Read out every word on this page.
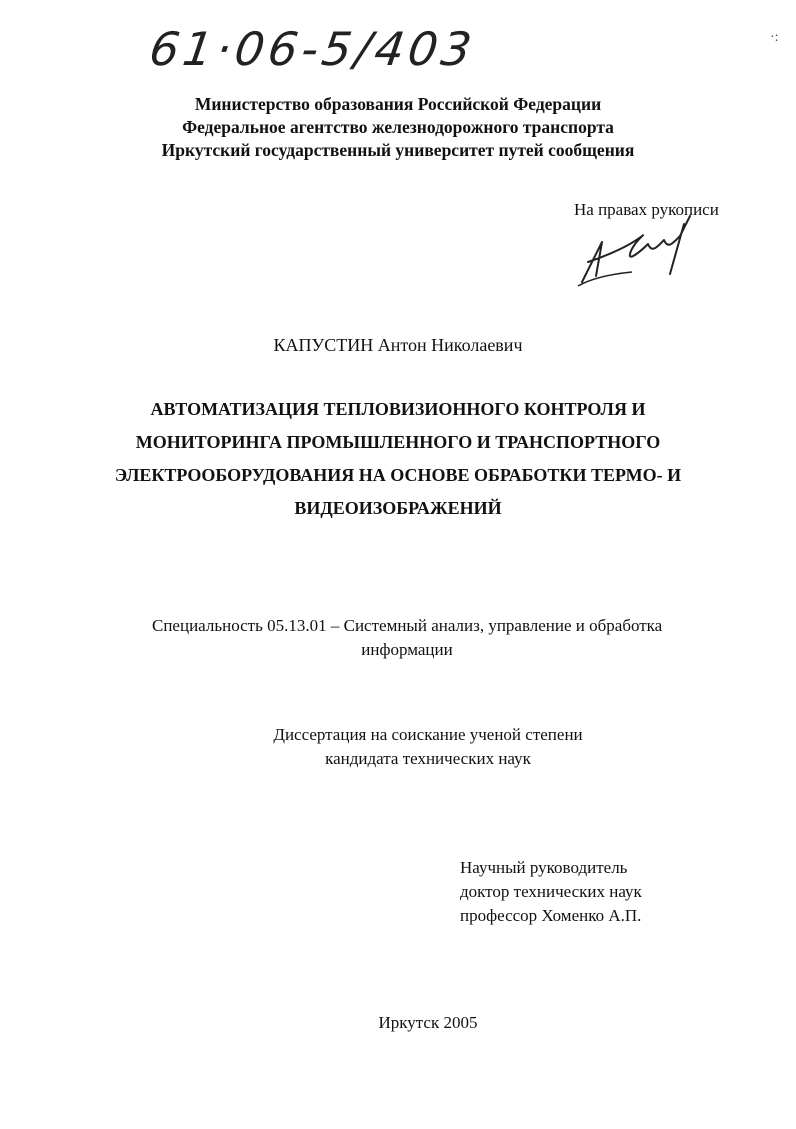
61·06-5/403	·:
Министерство образования Российской Федерации
Федеральное агентство железнодорожного транспорта
Иркутский государственный университет путей сообщения
На правах рукописи
КАПУСТИН Антон Николаевич
АВТОМАТИЗАЦИЯ ТЕПЛОВИЗИОННОГО КОНТРОЛЯ И
МОНИТОРИНГА ПРОМЫШЛЕННОГО И ТРАНСПОРТНОГО
ЭЛЕКТРООБОРУДОВАНИЯ НА ОСНОВЕ ОБРАБОТКИ ТЕРМО- И
ВИДЕОИЗОБРАЖЕНИЙ
Специальность 05.13.01 – Системный анализ, управление и обработка
информации
Диссертация на соискание ученой степени
кандидата технических наук
Научный руководитель
доктор технических наук
профессор Хоменко А.П.
Иркутск 2005
